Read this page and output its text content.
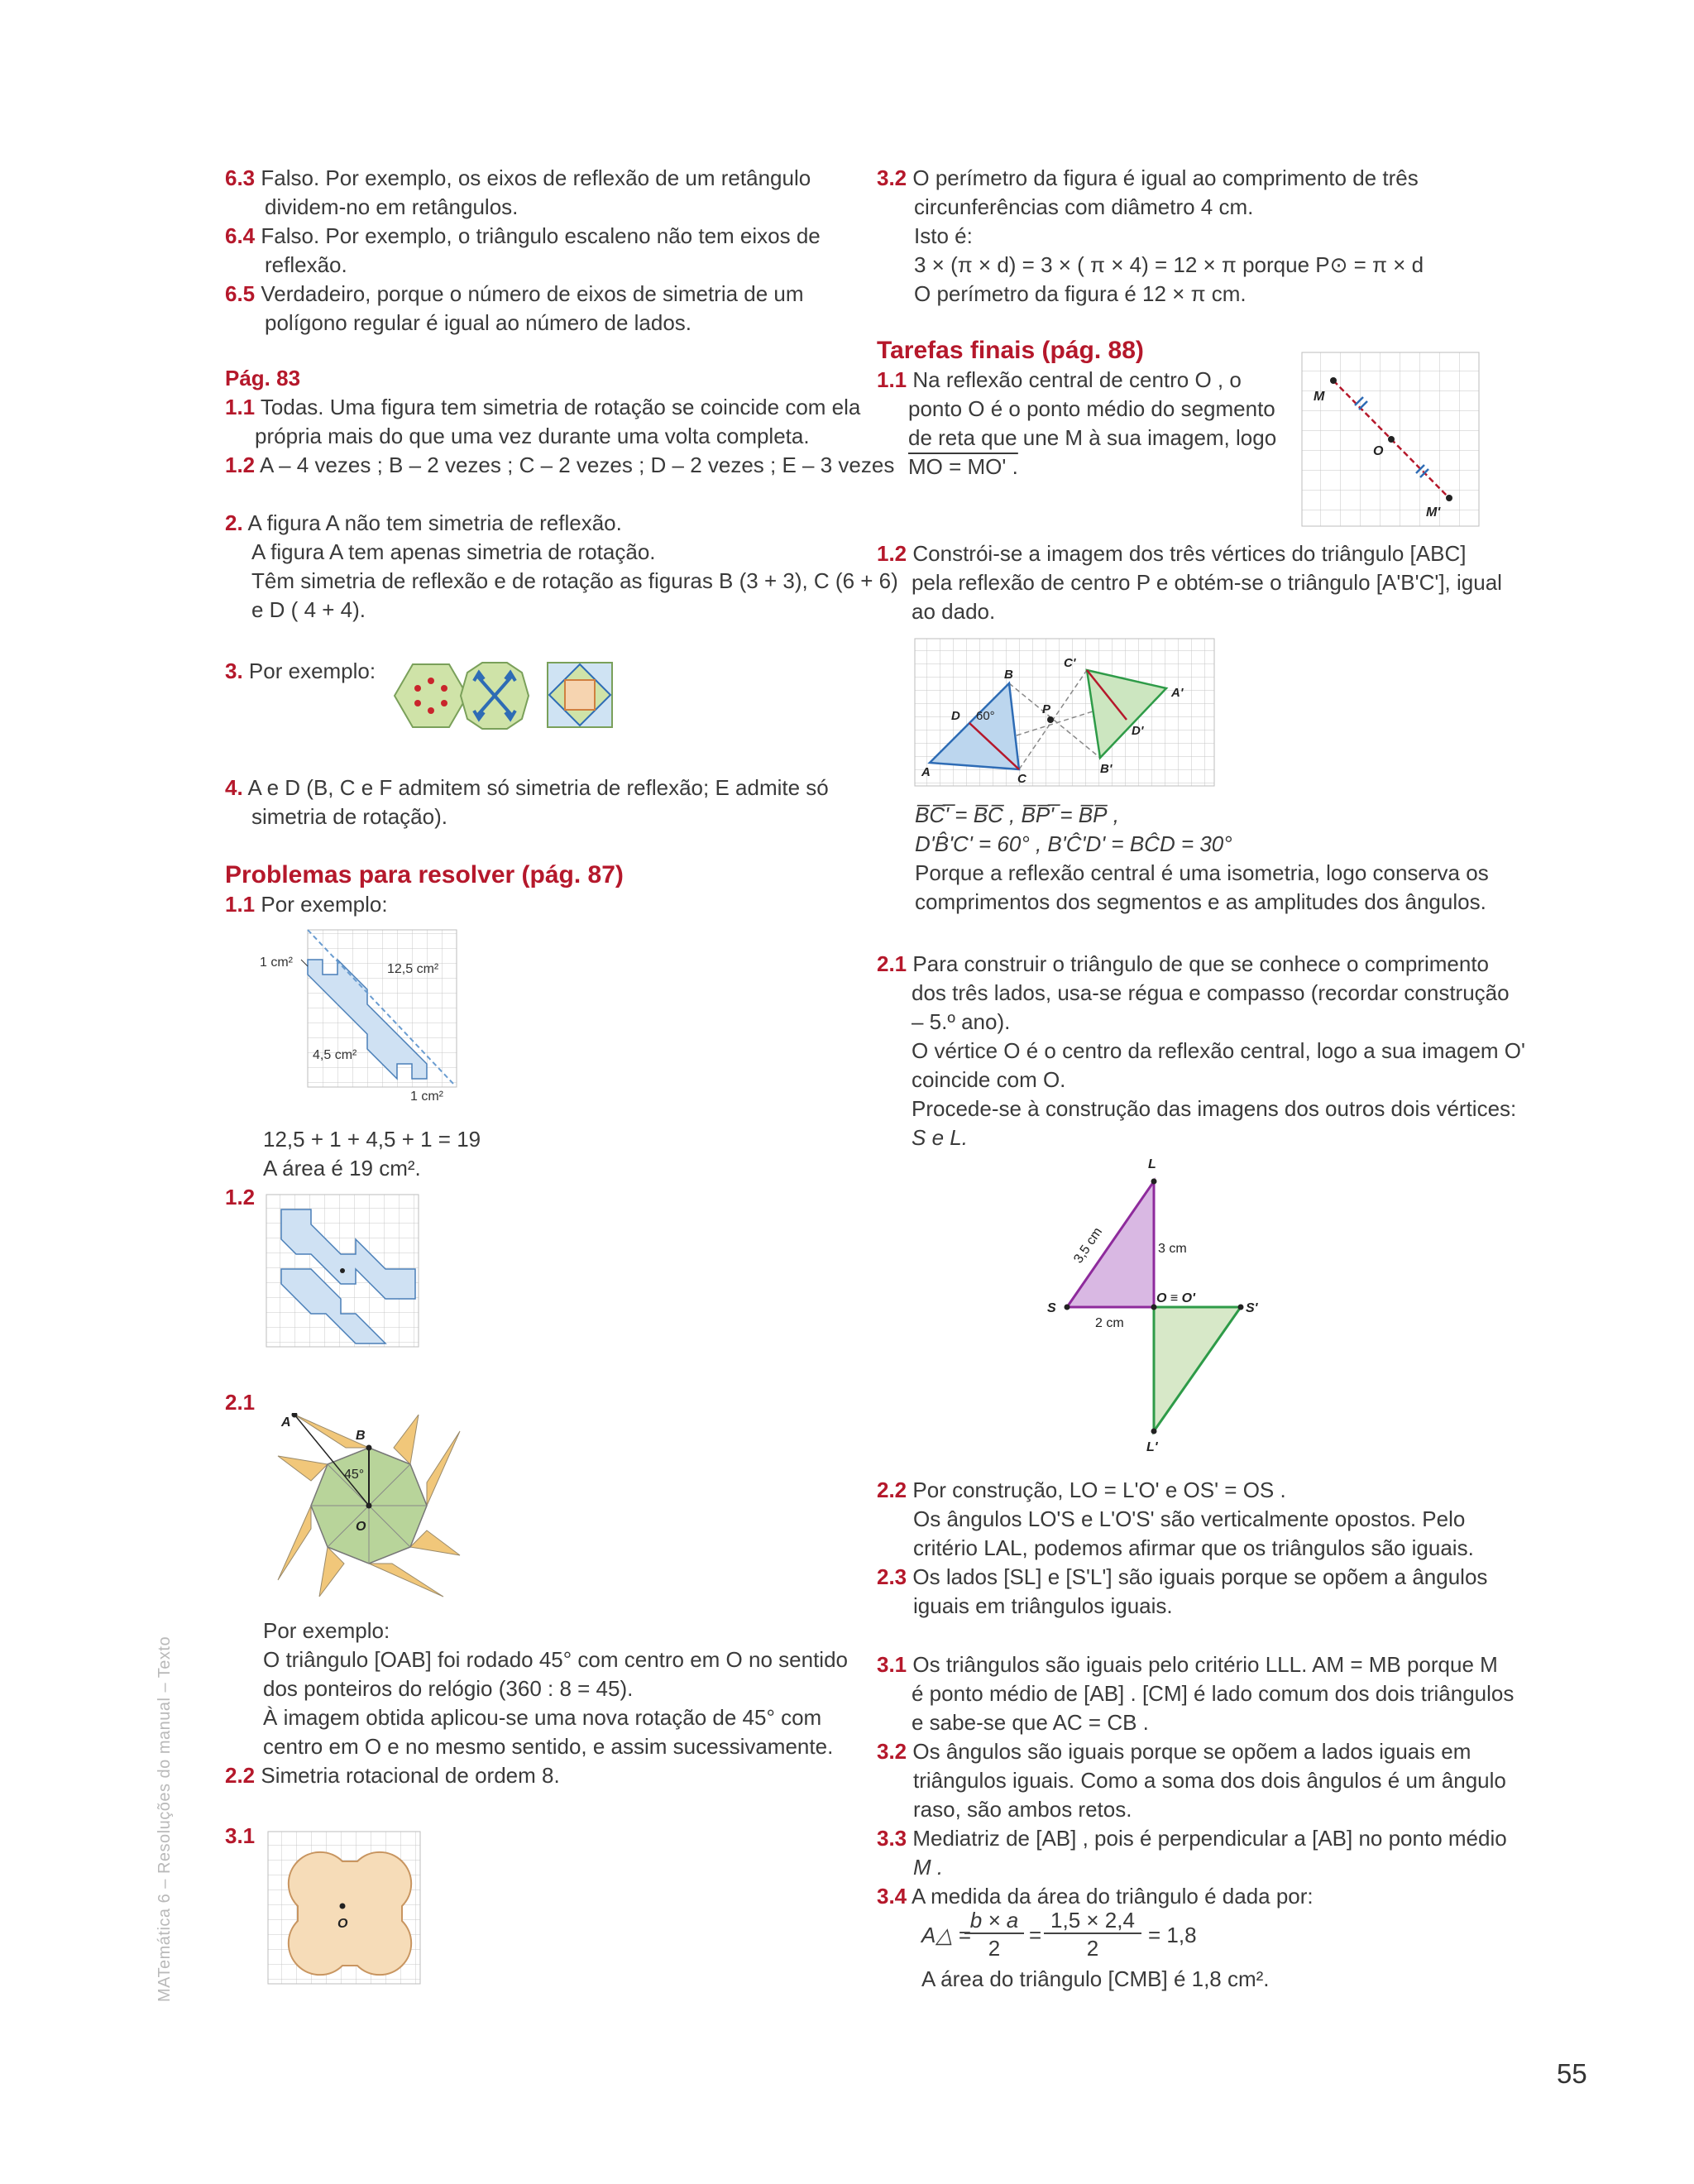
6.3 Falso. Por exemplo, os eixos de reflexão de um retângulo
dividem-no em retângulos.
6.4 Falso. Por exemplo, o triângulo escaleno não tem eixos de
reflexão.
6.5 Verdadeiro, porque o número de eixos de simetria de um
polígono regular é igual ao número de lados.
Pág. 83
1.1 Todas. Uma figura tem simetria de rotação se coincide com ela
própria mais do que uma vez durante uma volta completa.
1.2 A – 4 vezes ; B – 2 vezes ; C – 2 vezes ; D – 2 vezes ; E – 3 vezes
2. A figura A não tem simetria de reflexão.
A figura A tem apenas simetria de rotação.
Têm simetria de reflexão e de rotação as figuras B (3 + 3), C (6 + 6)
e D ( 4 + 4).
3. Por exemplo:
4. A e D (B, C e F admitem só simetria de reflexão; E admite só
simetria de rotação).
Problemas para resolver (pág. 87)
1.1 Por exemplo:
12,5 + 1 + 4,5 + 1 = 19
A área é 19 cm².
1.2
2.1
Por exemplo:
O triângulo [OAB] foi rodado 45° com centro em O no sentido
dos ponteiros do relógio (360 : 8 = 45).
À imagem obtida aplicou-se uma nova rotação de 45° com
centro em O e no mesmo sentido, e assim sucessivamente.
2.2 Simetria rotacional de ordem 8.
3.1
1 cm²	12,5 cm²
4,5 cm²
1 cm²
A
B
45°
O
O
3.2 O perímetro da figura é igual ao comprimento de três
circunferências com diâmetro 4 cm.
Isto é:
3 × (π × d) = 3 × ( π × 4) = 12 × π porque P⊙ = π × d
O perímetro da figura é 12 × π cm.
Tarefas finais (pág. 88)
1.1 Na reflexão central de centro O , o
ponto O é o ponto médio do segmento
de reta que une M à sua imagem, logo
MO = MO' .
1.2 Constrói-se a imagem dos três vértices do triângulo [ABC]
pela reflexão de centro P e obtém-se o triângulo [A'B'C'], igual
ao dado.
B̅C̅'̅ = B̅C̅ , B̅P̅'̅ = B̅P̅ ,
D'B̂'C' = 60° , B'Ĉ'D' = BĈD = 30°
Porque a reflexão central é uma isometria, logo conserva os
comprimentos dos segmentos e as amplitudes dos ângulos.
2.1 Para construir o triângulo de que se conhece o comprimento
dos três lados, usa-se régua e compasso (recordar construção
– 5.º ano).
O vértice O é o centro da reflexão central, logo a sua imagem O'
coincide com O.
Procede-se à construção das imagens dos outros dois vértices:
S e L.
2.2 Por construção, LO = L'O' e OS' = OS .
Os ângulos LO'S e L'O'S' são verticalmente opostos. Pelo
critério LAL, podemos afirmar que os triângulos são iguais.
2.3 Os lados [SL] e [S'L'] são iguais porque se opõem a ângulos
iguais em triângulos iguais.
3.1 Os triângulos são iguais pelo critério LLL. AM = MB porque M
é ponto médio de [AB] . [CM] é lado comum dos dois triângulos
e sabe-se que AC = CB .
3.2 Os ângulos são iguais porque se opõem a lados iguais em
triângulos iguais. Como a soma dos dois ângulos é um ângulo
raso, são ambos retos.
3.3 Mediatriz de [AB] , pois é perpendicular a [AB] no ponto médio
M .
3.4 A medida da área do triângulo é dada por:
A△ =
b × a
2
=
1,5 × 2,4
2
= 1,8
A área do triângulo [CMB] é 1,8 cm².
M
O
M'
C'
B
A'
D 60°	P
D'
A	C
B'
L
3,5 cm	3 cm
S
O ≡ O'
S'
2 cm
L'
MATemática 6 – Resoluções do manual – Texto
55
